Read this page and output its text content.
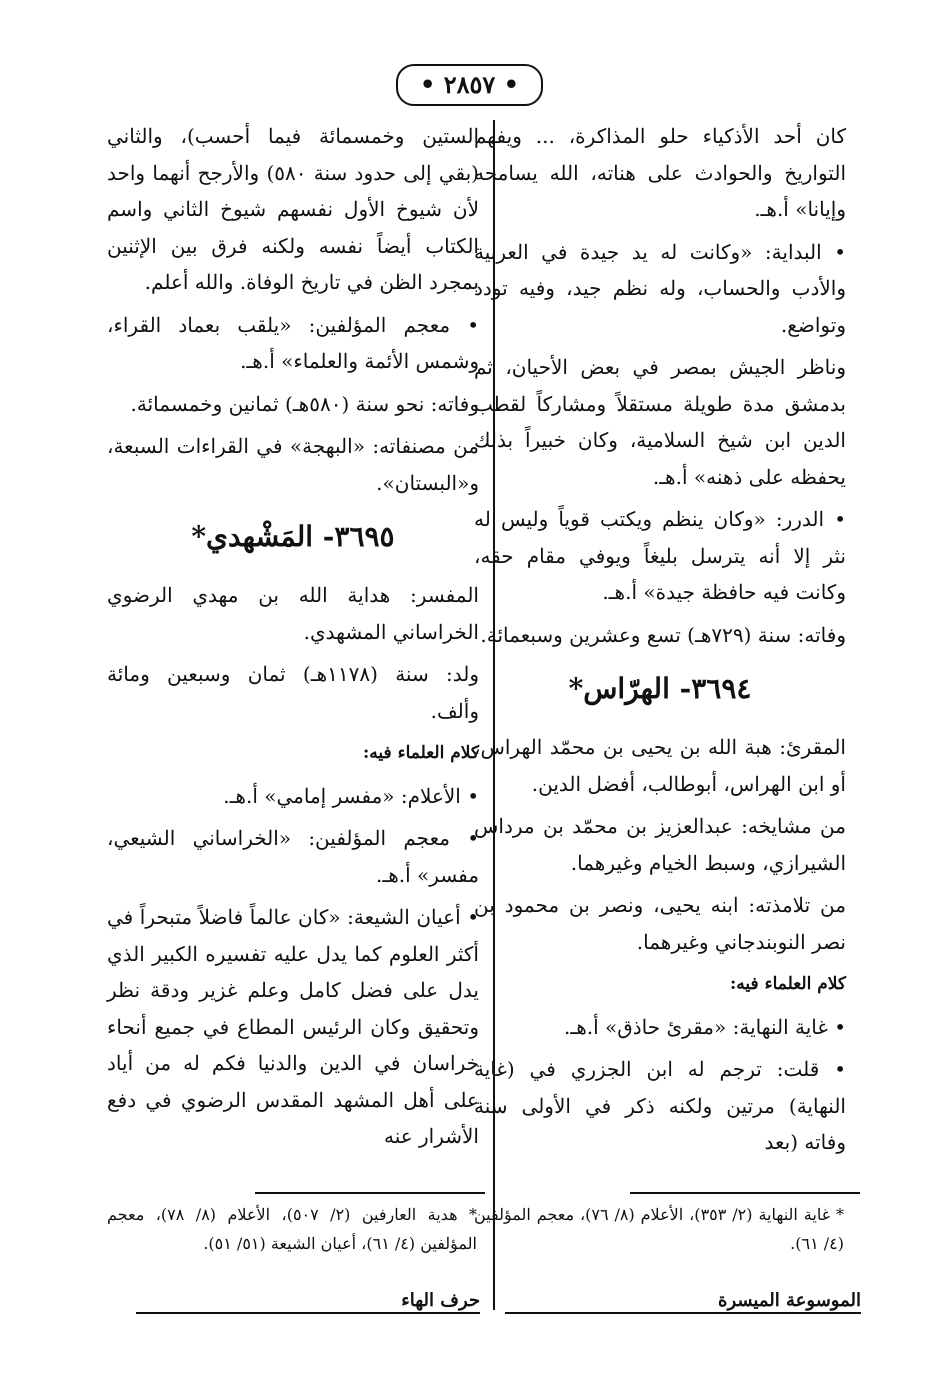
• ٢٨٥٧ •

كان أحد الأذكياء حلو المذاكرة، ... ويفهم التواريخ والحوادث على هناته، الله يسامحه وإيانا» أ.هـ.

• البداية: «وكانت له يد جيدة في العربية والأدب والحساب، وله نظم جيد، وفيه تودد وتواضع.

وناظر الجيش بمصر في بعض الأحيان، ثم بدمشق مدة طويلة مستقلاً ومشاركاً لقطب الدين ابن شيخ السلامية، وكان خبيراً بذلك يحفظه على ذهنه» أ.هـ.

• الدرر: «وكان ينظم ويكتب قوياً وليس له نثر إلا أنه يترسل بليغاً ويوفي مقام حقه، وكانت فيه حافظة جيدة» أ.هـ.

وفاته: سنة (٧٢٩هـ) تسع وعشرين وسبعمائة.

٣٦٩٤- الهرّاس*

المقرئ: هبة الله بن يحيى بن محمّد الهراس، أو ابن الهراس، أبوطالب، أفضل الدين.

من مشايخه: عبدالعزيز بن محمّد بن مرداس الشيرازي، وسبط الخيام وغيرهما.

من تلامذته: ابنه يحيى، ونصر بن محمود بن نصر النوبندجاني وغيرهما.

كلام العلماء فيه:

• غاية النهاية: «مقرئ حاذق» أ.هـ.

• قلت: ترجم له ابن الجزري في (غاية النهاية) مرتين ولكنه ذكر في الأولى سنة وفاته (بعد

الستين وخمسمائة فيما أحسب)، والثاني (بقي إلى حدود سنة ٥٨٠) والأرجح أنهما واحد لأن شيوخ الأول نفسهم شيوخ الثاني واسم الكتاب أيضاً نفسه ولكنه فرق بين الإثنين بمجرد الظن في تاريخ الوفاة. والله أعلم.

• معجم المؤلفين: «يلقب بعماد القراء، وشمس الأئمة والعلماء» أ.هـ.

وفاته: نحو سنة (٥٨٠هـ) ثمانين وخمسمائة.

من مصنفاته: «البهجة» في القراءات السبعة، و«البستان».

٣٦٩٥- المَشْهدي*

المفسر: هداية الله بن مهدي الرضوي الخراساني المشهدي.

ولد: سنة (١١٧٨هـ) ثمان وسبعين ومائة وألف.

كلام العلماء فيه:

• الأعلام: «مفسر إمامي» أ.هـ.

• معجم المؤلفين: «الخراساني الشيعي، مفسر» أ.هـ.

• أعيان الشيعة: «كان عالماً فاضلاً متبحراً في أكثر العلوم كما يدل عليه تفسيره الكبير الذي يدل على فضل كامل وعلم غزير ودقة نظر وتحقيق وكان الرئيس المطاع في جميع أنحاء خراسان في الدين والدنيا فكم له من أياد على أهل المشهد المقدس الرضوي في دفع الأشرار عنه

* غاية النهاية (٢/ ٣٥٣)، الأعلام (٨/ ٧٦)، معجم المؤلفين (٤/ ٦١).
* هدية العارفين (٢/ ٥٠٧)، الأعلام (٨/ ٧٨)، معجم المؤلفين (٤/ ٦١)، أعيان الشيعة (٥١/ ٥١).
الموسوعة الميسرة
حرف الهاء
